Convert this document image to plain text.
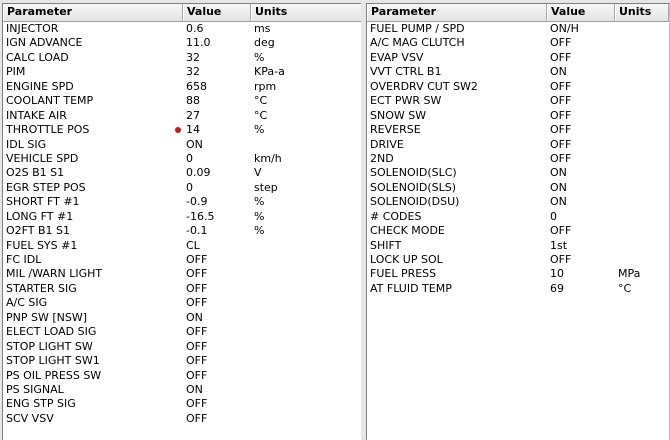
Parameter	Value	Units
INJECTOR	0.6	ms
IGN ADVANCE	11.0	deg
CALC LOAD	32	%
PIM	32	KPa-a
ENGINE SPD	658	rpm
COOLANT TEMP	88	°C
INTAKE AIR	27	°C
THROTTLE POS	14	%
IDL SIG	ON
VEHICLE SPD	0	km/h
O2S B1 S1	0.09	V
EGR STEP POS	0	step
SHORT FT #1	-0.9	%
LONG FT #1	-16.5	%
O2FT B1 S1	-0.1	%
FUEL SYS #1	CL
FC IDL	OFF
MIL /WARN LIGHT	OFF
STARTER SIG	OFF
A/C SIG	OFF
PNP SW [NSW]	ON
ELECT LOAD SIG	OFF
STOP LIGHT SW	OFF
STOP LIGHT SW1	OFF
PS OIL PRESS SW	OFF
PS SIGNAL	ON
ENG STP SIG	OFF
SCV VSV	OFF
Parameter	Value	Units
FUEL PUMP / SPD	ON/H
A/C MAG CLUTCH	OFF
EVAP VSV	OFF
VVT CTRL B1	ON
OVERDRV CUT SW2	OFF
ECT PWR SW	OFF
SNOW SW	OFF
REVERSE	OFF
DRIVE	OFF
2ND	OFF
SOLENOID(SLC)	ON
SOLENOID(SLS)	ON
SOLENOID(DSU)	ON
# CODES	0
CHECK MODE	OFF
SHIFT	1st
LOCK UP SOL	OFF
FUEL PRESS	10	MPa
AT FLUID TEMP	69	°C
